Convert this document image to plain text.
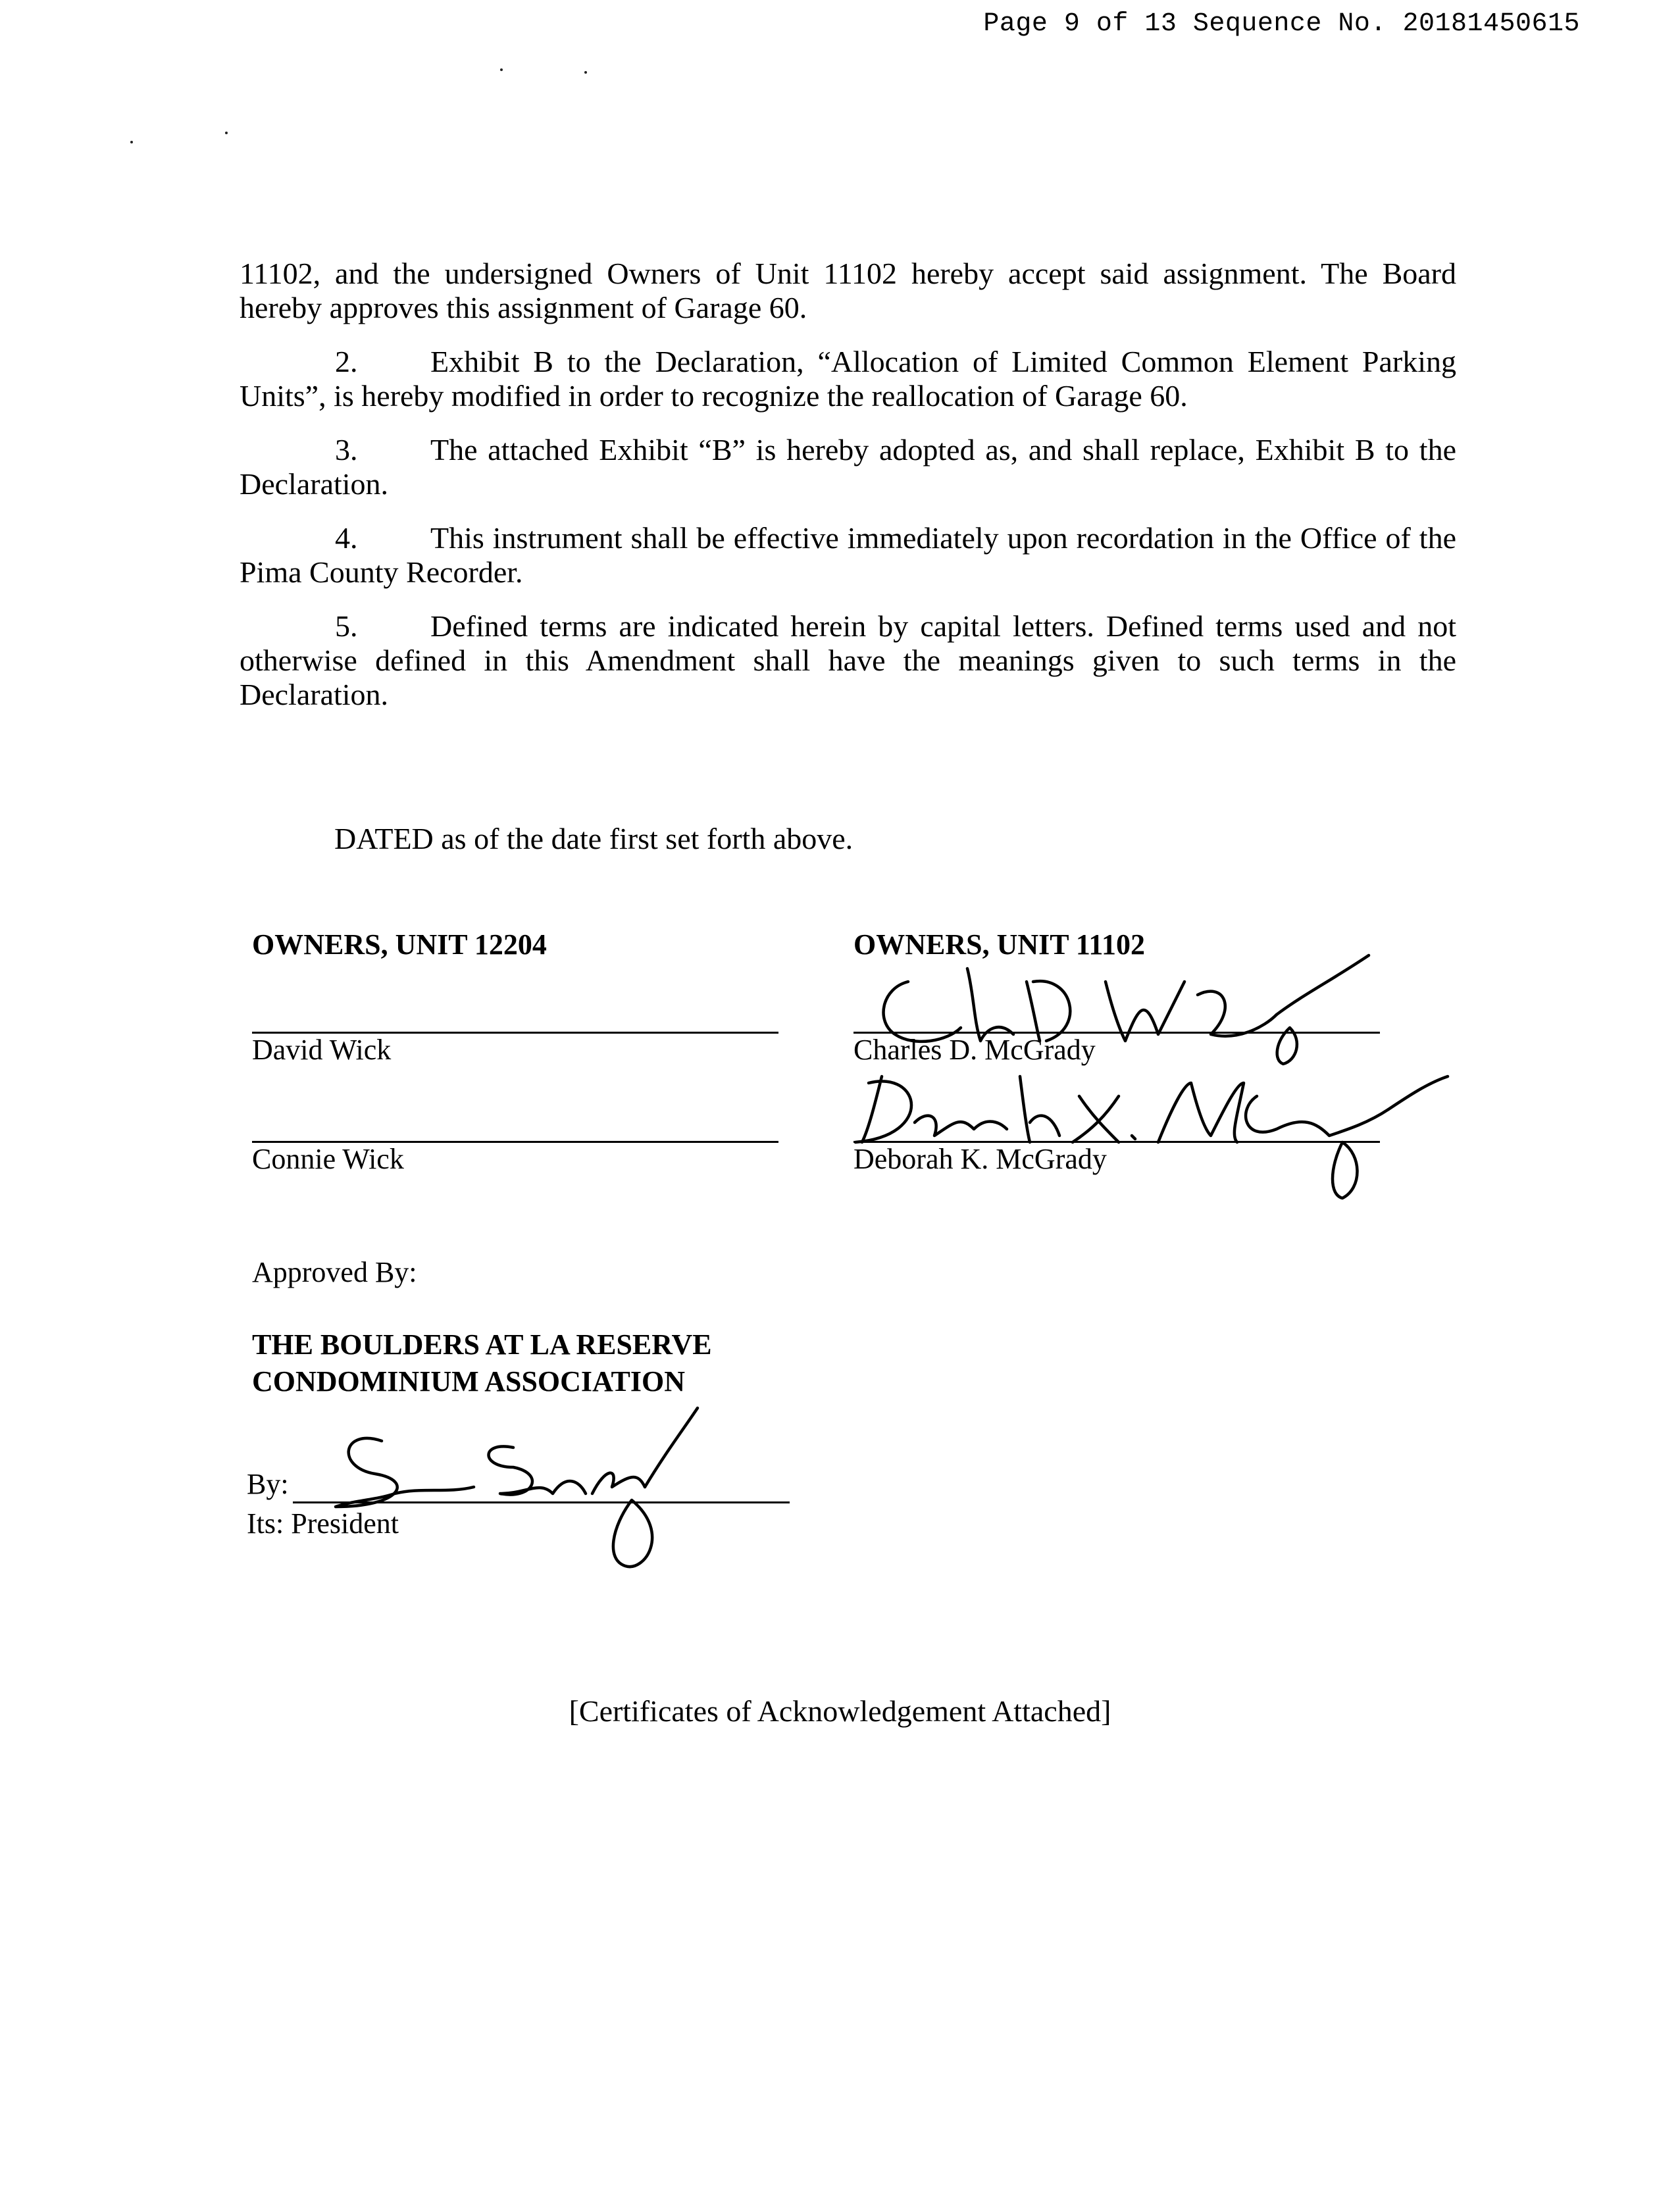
Page 9 of 13 Sequence No. 20181450615

11102, and the undersigned Owners of Unit 11102 hereby accept said assignment. The Board hereby approves this assignment of Garage 60.

2. Exhibit B to the Declaration, “Allocation of Limited Common Element Parking Units”, is hereby modified in order to recognize the reallocation of Garage 60.

3. The attached Exhibit “B” is hereby adopted as, and shall replace, Exhibit B to the Declaration.

4. This instrument shall be effective immediately upon recordation in the Office of the Pima County Recorder.

5. Defined terms are indicated herein by capital letters. Defined terms used and not otherwise defined in this Amendment shall have the meanings given to such terms in the Declaration.

DATED as of the date first set forth above.
OWNERS, UNIT 12204
David Wick
Connie Wick
OWNERS, UNIT 11102
Charles D. McGrady
Deborah K. McGrady
Approved By:
THE BOULDERS AT LA RESERVE
CONDOMINIUM ASSOCIATION
By:
Its: President
[Certificates of Acknowledgement Attached]
